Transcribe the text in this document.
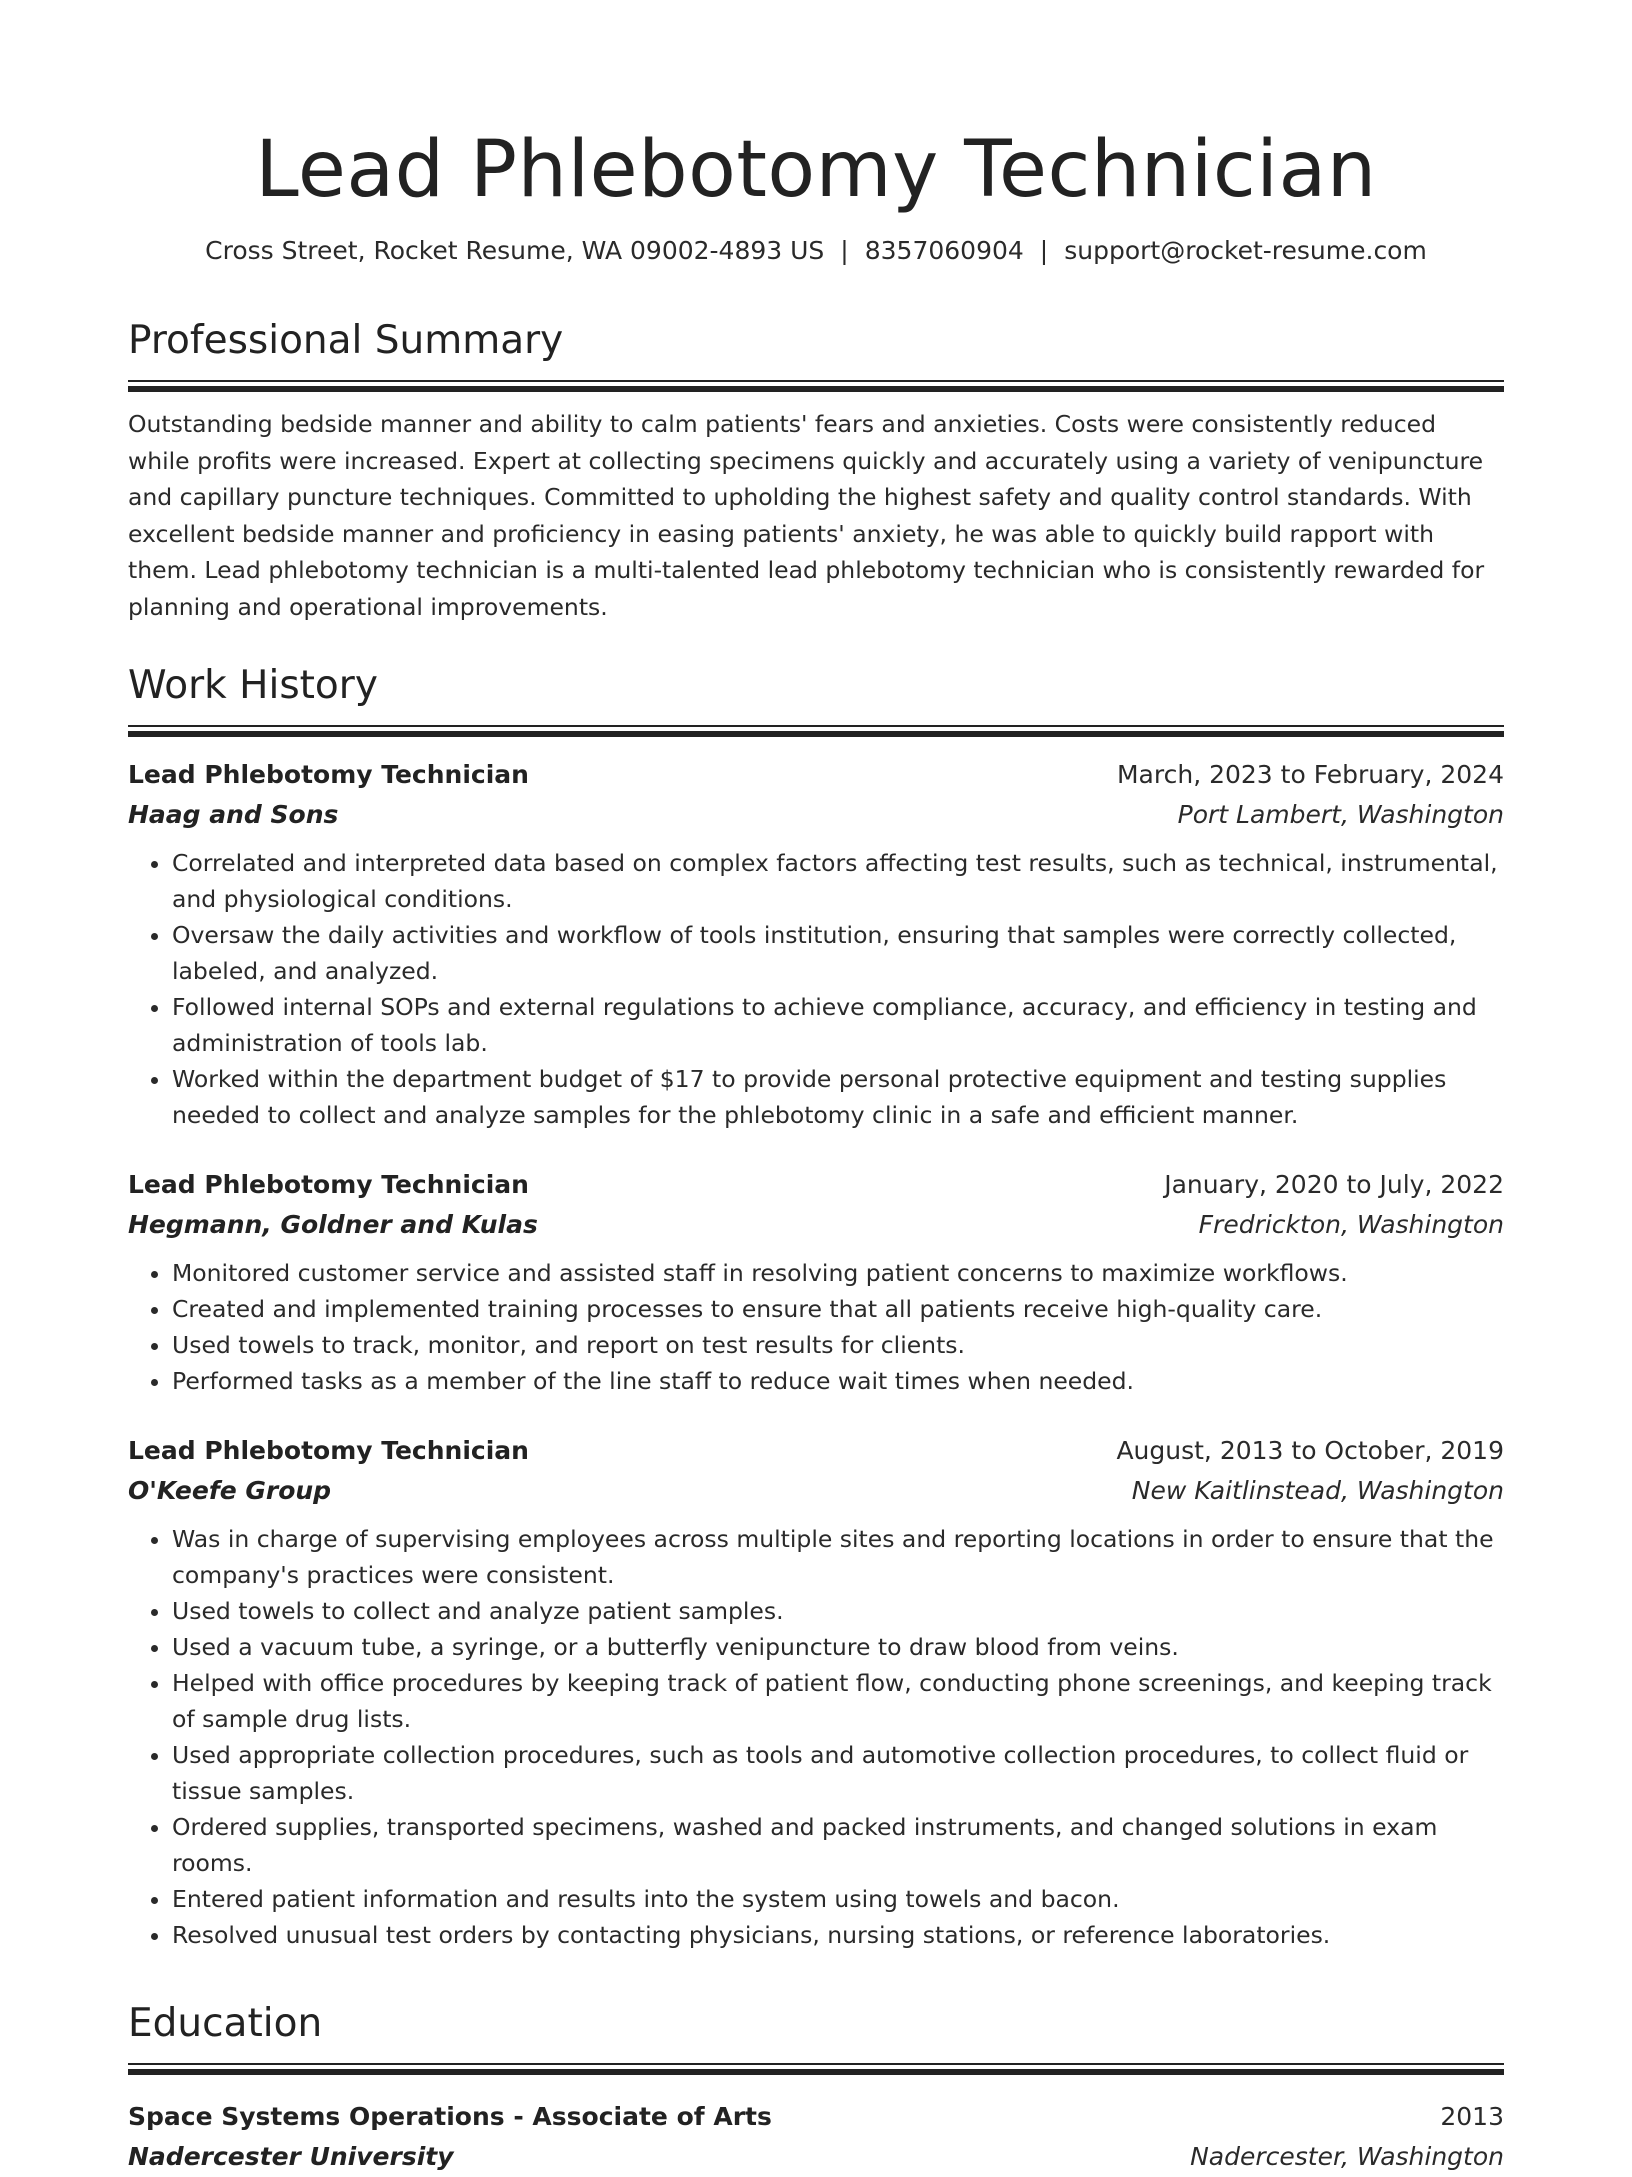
Lead Phlebotomy Technician
Cross Street, Rocket Resume, WA 09002-4893 US | 8357060904 | support@rocket-resume.com
Professional Summary

Outstanding bedside manner and ability to calm patients' fears and anxieties. Costs were consistently reduced while profits were increased. Expert at collecting specimens quickly and accurately using a variety of venipuncture and capillary puncture techniques. Committed to upholding the highest safety and quality control standards. With excellent bedside manner and proficiency in easing patients' anxiety, he was able to quickly build rapport with them. Lead phlebotomy technician is a multi-talented lead phlebotomy technician who is consistently rewarded for planning and operational improvements.

Work History
Lead Phlebotomy Technician	March, 2023 to February, 2024
Haag and Sons	Port Lambert, Washington
• Correlated and interpreted data based on complex factors affecting test results, such as technical, instrumental, and physiological conditions.
• Oversaw the daily activities and workflow of tools institution, ensuring that samples were correctly collected, labeled, and analyzed.
• Followed internal SOPs and external regulations to achieve compliance, accuracy, and efficiency in testing and administration of tools lab.
• Worked within the department budget of $17 to provide personal protective equipment and testing supplies needed to collect and analyze samples for the phlebotomy clinic in a safe and efficient manner.
Lead Phlebotomy Technician	January, 2020 to July, 2022
Hegmann, Goldner and Kulas	Fredrickton, Washington
• Monitored customer service and assisted staff in resolving patient concerns to maximize workflows.
• Created and implemented training processes to ensure that all patients receive high-quality care.
• Used towels to track, monitor, and report on test results for clients.
• Performed tasks as a member of the line staff to reduce wait times when needed.
Lead Phlebotomy Technician	August, 2013 to October, 2019
O'Keefe Group	New Kaitlinstead, Washington
• Was in charge of supervising employees across multiple sites and reporting locations in order to ensure that the company's practices were consistent.
• Used towels to collect and analyze patient samples.
• Used a vacuum tube, a syringe, or a butterfly venipuncture to draw blood from veins.
• Helped with office procedures by keeping track of patient flow, conducting phone screenings, and keeping track of sample drug lists.
• Used appropriate collection procedures, such as tools and automotive collection procedures, to collect fluid or tissue samples.
• Ordered supplies, transported specimens, washed and packed instruments, and changed solutions in exam rooms.
• Entered patient information and results into the system using towels and bacon.
• Resolved unusual test orders by contacting physicians, nursing stations, or reference laboratories.
Education
Space Systems Operations - Associate of Arts	2013
Nadercester University	Nadercester, Washington
